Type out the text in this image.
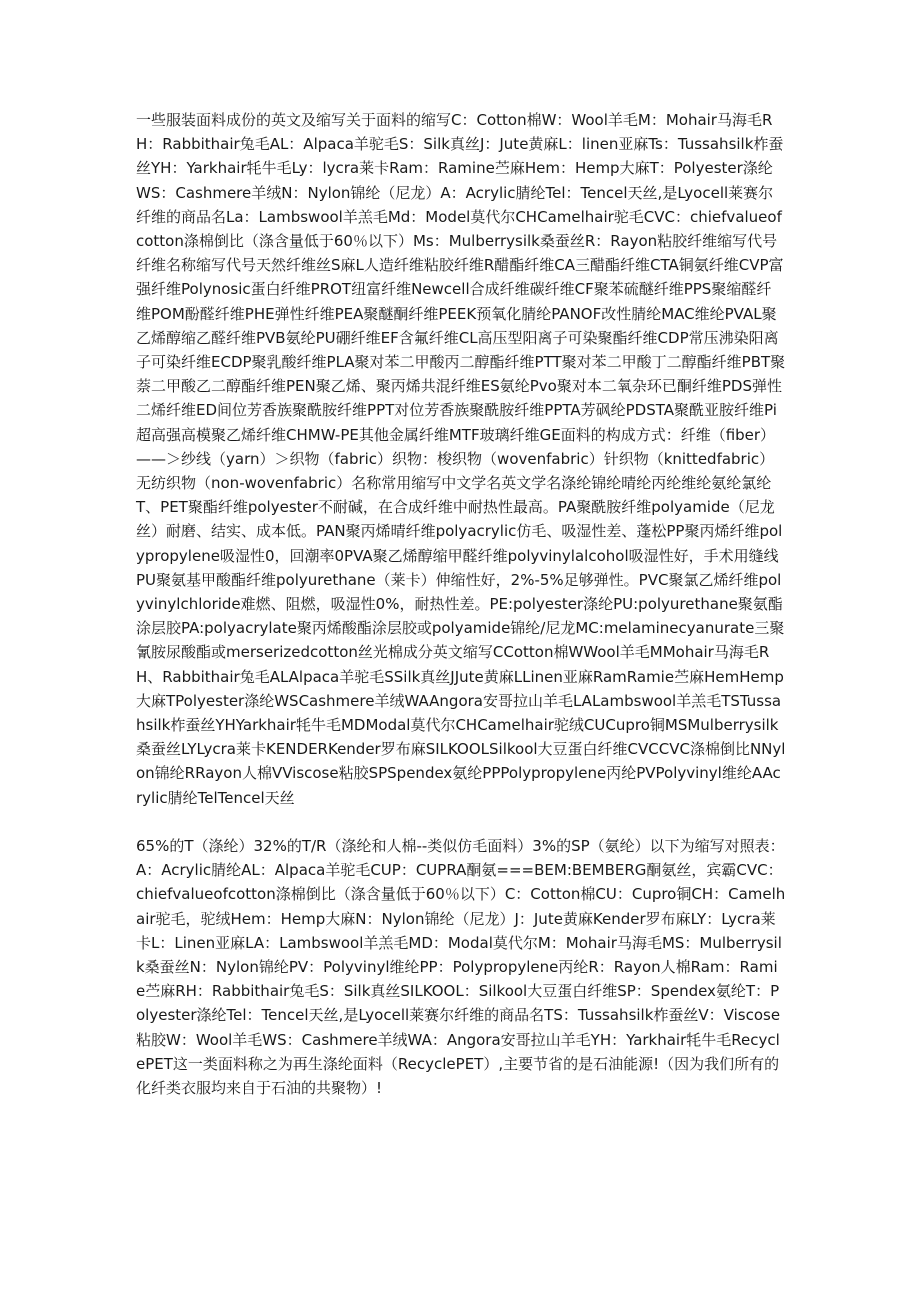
一些服装面料成份的英文及缩写关于面料的缩写C：Cotton棉W：Wool羊毛M：Mohair马海毛RH：Rabbithair兔毛AL：Alpaca羊驼毛S：Silk真丝J：Jute黄麻L：linen亚麻Ts：Tussahsilk柞蚕丝YH：Yarkhair牦牛毛Ly：lycra莱卡Ram：Ramine苎麻Hem：Hemp大麻T：Polyester涤纶WS：Cashmere羊绒N：Nylon锦纶（尼龙）A：Acrylic腈纶Tel：Tencel天丝,是Lyocell莱赛尔纤维的商品名La：Lambswool羊羔毛Md：Model莫代尔CHCamelhair驼毛CVC：chiefvalueofcotton涤棉倒比（涤含量低于60％以下）Ms：Mulberrysilk桑蚕丝R：Rayon粘胶纤维缩写代号纤维名称缩写代号天然纤维丝S麻L人造纤维粘胶纤维R醋酯纤维CA三醋酯纤维CTA铜氨纤维CVP富强纤维Polynosic蛋白纤维PROT纽富纤维Newcell合成纤维碳纤维CF聚苯硫醚纤维PPS聚缩醛纤维POM酚醛纤维PHE弹性纤维PEA聚醚酮纤维PEEK预氧化腈纶PANOF改性腈纶MAC维纶PVAL聚乙烯醇缩乙醛纤维PVB氨纶PU硼纤维EF含氟纤维CL高压型阳离子可染聚酯纤维CDP常压沸染阳离子可染纤维ECDP聚乳酸纤维PLA聚对苯二甲酸丙二醇酯纤维PTT聚对苯二甲酸丁二醇酯纤维PBT聚萘二甲酸乙二醇酯纤维PEN聚乙烯、聚丙烯共混纤维ES氨纶Pvo聚对本二氧杂环已酮纤维PDS弹性二烯纤维ED间位芳香族聚酰胺纤维PPT对位芳香族聚酰胺纤维PPTA芳砜纶PDSTA聚酰亚胺纤维Pi超高强高模聚乙烯纤维CHMW-PE其他金属纤维MTF玻璃纤维GE面料的构成方式：纤维（fiber）——＞纱线（yarn）＞织物（fabric）织物：梭织物（wovenfabric）针织物（knittedfabric）无纺织物（non-wovenfabric）名称常用缩写中文学名英文学名涤纶锦纶晴纶丙纶维纶氨纶氯纶T、PET聚酯纤维polyester不耐碱，在合成纤维中耐热性最高。PA聚酰胺纤维polyamide（尼龙丝）耐磨、结实、成本低。PAN聚丙烯晴纤维polyacrylic仿毛、吸湿性差、蓬松PP聚丙烯纤维polypropylene吸湿性0，回潮率0PVA聚乙烯醇缩甲醛纤维polyvinylalcohol吸湿性好，手术用缝线PU聚氨基甲酸酯纤维polyurethane（莱卡）伸缩性好，2%-5%足够弹性。PVC聚氯乙烯纤维polyvinylchloride难燃、阻燃，吸湿性0%，耐热性差。PE:polyester涤纶PU:polyurethane聚氨酯涂层胶PA:polyacrylate聚丙烯酸酯涂层胶或polyamide锦纶/尼龙MC:melaminecyanurate三聚氰胺尿酸酯或merserizedcotton丝光棉成分英文缩写CCotton棉WWool羊毛MMohair马海毛RH、Rabbithair兔毛ALAlpaca羊驼毛SSilk真丝JJute黄麻LLinen亚麻RamRamie苎麻HemHemp大麻TPolyester涤纶WSCashmere羊绒WAAngora安哥拉山羊毛LALambswool羊羔毛TSTussahsilk柞蚕丝YHYarkhair牦牛毛MDModal莫代尔CHCamelhair驼绒CUCupro铜MSMulberrysilk桑蚕丝LYLycra莱卡KENDERKender罗布麻SILKOOLSilkool大豆蛋白纤维CVCCVC涤棉倒比NNylon锦纶RRayon人棉VViscose粘胶SPSpendex氨纶PPPolypropylene丙纶PVPolyvinyl维纶AAcrylic腈纶TelTencel天丝

65%的T（涤纶）32%的T/R（涤纶和人棉--类似仿毛面料）3%的SP（氨纶）以下为缩写对照表：A：Acrylic腈纶AL：Alpaca羊驼毛CUP：CUPRA酮氨===BEM:BEMBERG酮氨丝，宾霸CVC：chiefvalueofcotton涤棉倒比（涤含量低于60％以下）C：Cotton棉CU：Cupro铜CH：Camelhair驼毛，驼绒Hem：Hemp大麻N：Nylon锦纶（尼龙）J：Jute黄麻Kender罗布麻LY：Lycra莱卡L：Linen亚麻LA：Lambswool羊羔毛MD：Modal莫代尔M：Mohair马海毛MS：Mulberrysilk桑蚕丝N：Nylon锦纶PV：Polyvinyl维纶PP：Polypropylene丙纶R：Rayon人棉Ram：Ramie苎麻RH：Rabbithair兔毛S：Silk真丝SILKOOL：Silkool大豆蛋白纤维SP：Spendex氨纶T：Polyester涤纶Tel：Tencel天丝,是Lyocell莱赛尔纤维的商品名TS：Tussahsilk柞蚕丝V：Viscose粘胶W：Wool羊毛WS：Cashmere羊绒WA：Angora安哥拉山羊毛YH：Yarkhair牦牛毛RecyclePET这一类面料称之为再生涤纶面料（RecyclePET）,主要节省的是石油能源!（因为我们所有的化纤类衣服均来自于石油的共聚物）!
